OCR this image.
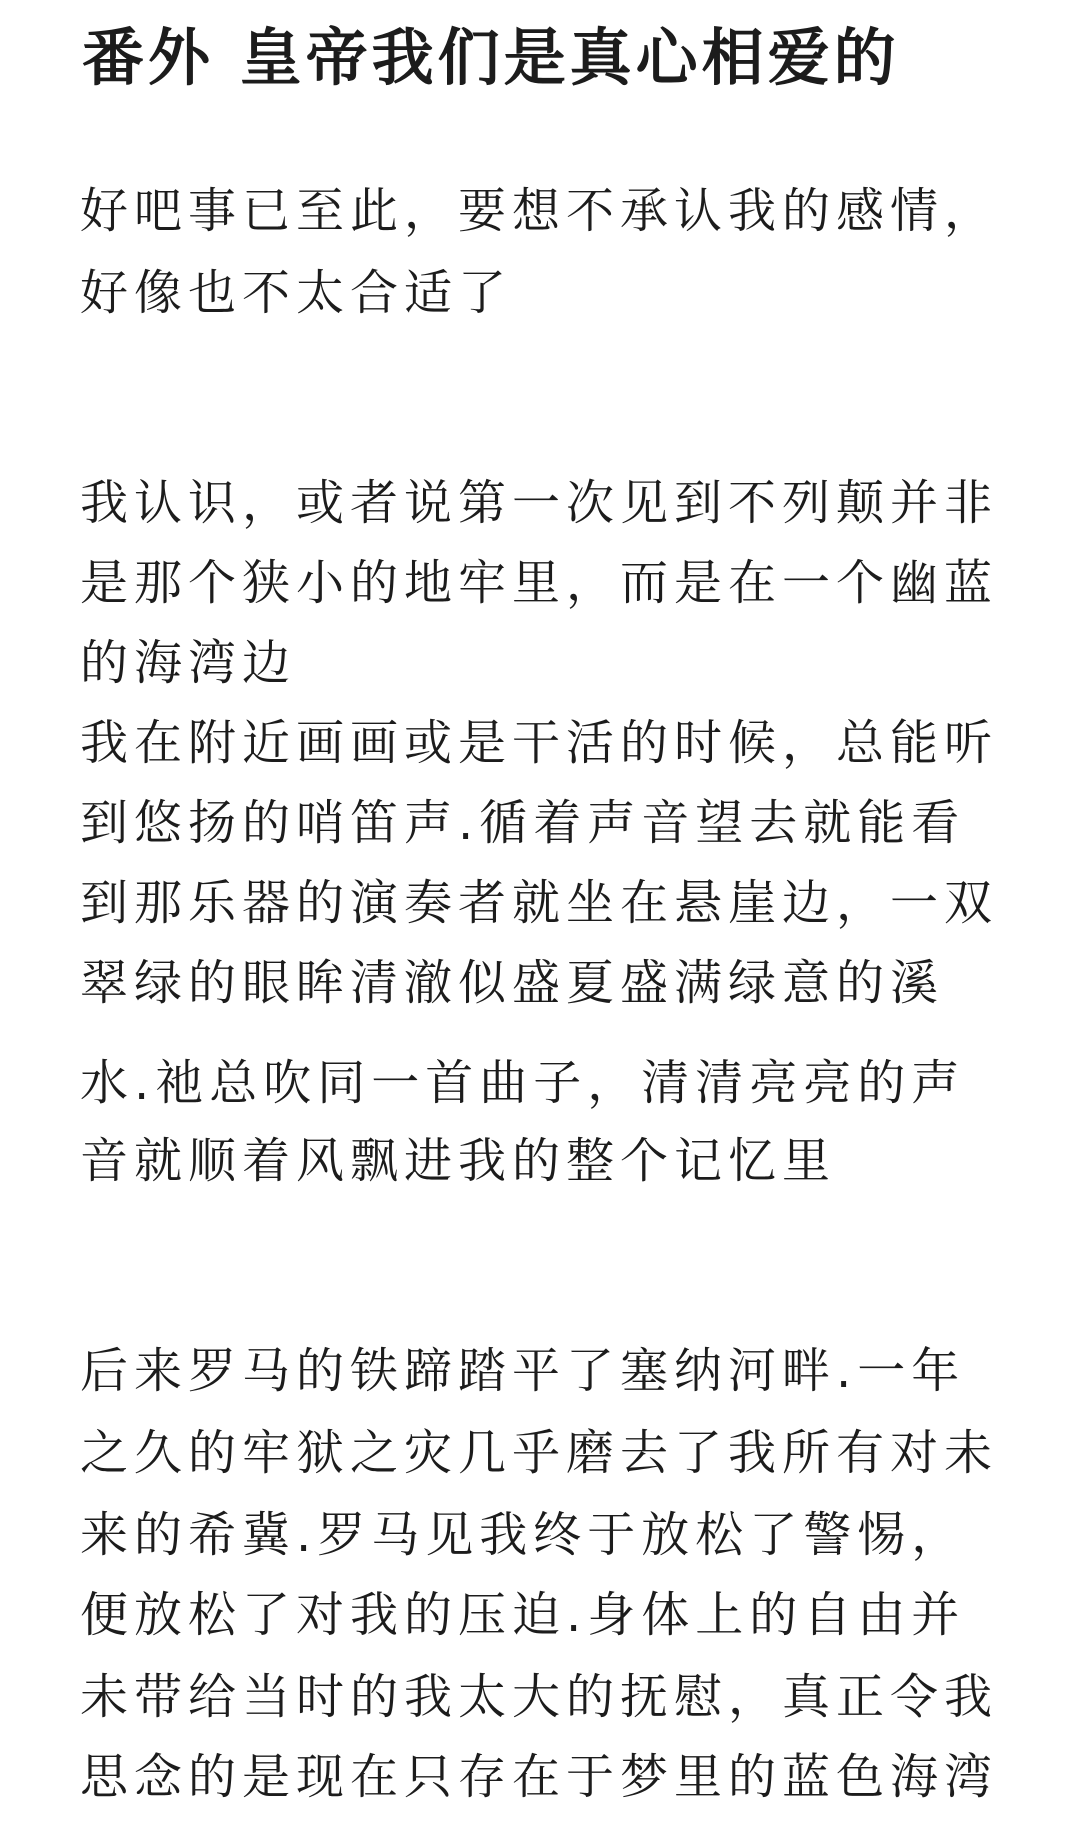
番外 皇帝我们是真心相爱的
好吧事已至此，要想不承认我的感情，
好像也不太合适了
我认识，或者说第一次见到不列颠并非
是那个狭小的地牢里，而是在一个幽蓝
的海湾边
我在附近画画或是干活的时候，总能听
到悠扬的哨笛声.循着声音望去就能看
到那乐器的演奏者就坐在悬崖边，一双
翠绿的眼眸清澈似盛夏盛满绿意的溪
水.祂总吹同一首曲子，清清亮亮的声
音就顺着风飘进我的整个记忆里
后来罗马的铁蹄踏平了塞纳河畔.一年
之久的牢狱之灾几乎磨去了我所有对未
来的希冀.罗马见我终于放松了警惕，
便放松了对我的压迫.身体上的自由并
未带给当时的我太大的抚慰，真正令我
思念的是现在只存在于梦里的蓝色海湾
